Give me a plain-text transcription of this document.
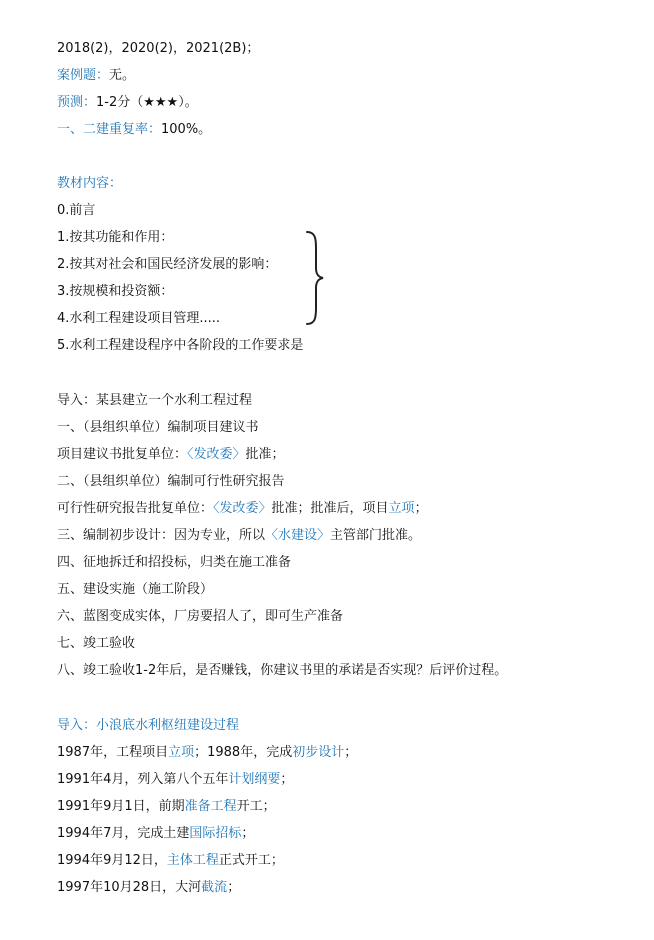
2018(2)，2020(2)，2021(2B)；
案例题：无。
预测：1-2分（★★★）。
一、二建重复率：100%。
教材内容：
0.前言
1.按其功能和作用：
2.按其对社会和国民经济发展的影响：
3.按规模和投资额：
4.水利工程建设项目管理.....
5.水利工程建设程序中各阶段的工作要求是
导入：某县建立一个水利工程过程
一、（县组织单位）编制项目建议书
项目建议书批复单位：〈发改委〉批准；
二、（县组织单位）编制可行性研究报告
可行性研究报告批复单位：〈发改委〉批准；批准后，项目立项；
三、编制初步设计：因为专业，所以〈水建设〉主管部门批准。
四、征地拆迁和招投标，归类在施工准备
五、建设实施（施工阶段）
六、蓝图变成实体，厂房要招人了，即可生产准备
七、竣工验收
八、竣工验收1-2年后，是否赚钱，你建议书里的承诺是否实现？后评价过程。
导入：小浪底水利枢纽建设过程
1987年，工程项目立项；1988年，完成初步设计；
1991年4月，列入第八个五年计划纲要；
1991年9月1日，前期准备工程开工；
1994年7月，完成土建国际招标；
1994年9月12日，主体工程正式开工；
1997年10月28日，大河截流；
